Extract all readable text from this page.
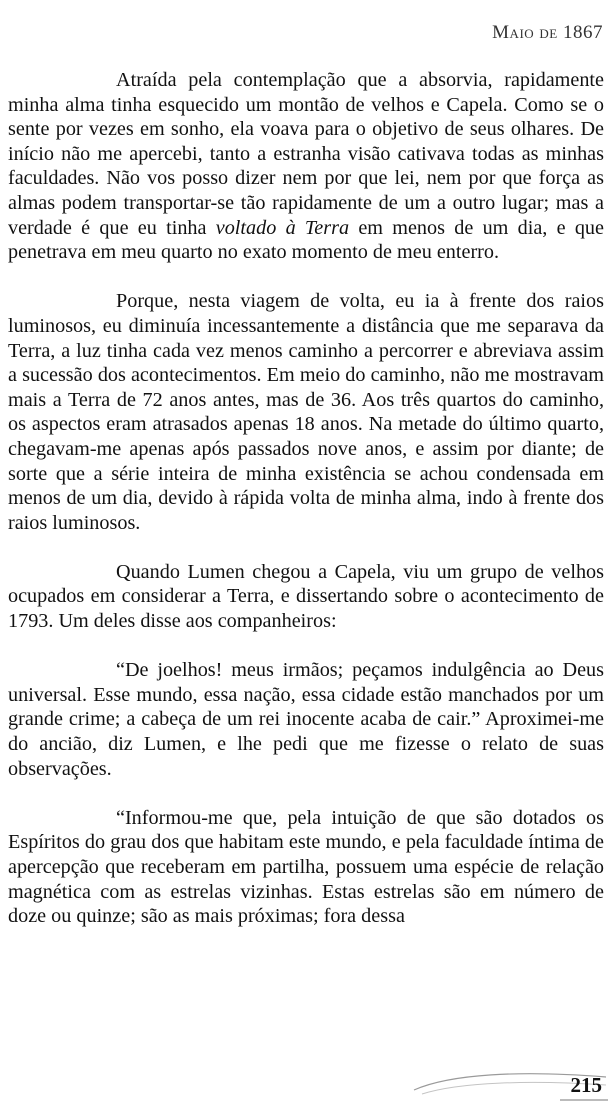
Maio de 1867

Atraída pela contemplação que a absorvia, rapidamente minha alma tinha esquecido um montão de velhos e Capela. Como se o sente por vezes em sonho, ela voava para o objetivo de seus olhares. De início não me apercebi, tanto a estranha visão cativava todas as minhas faculdades. Não vos posso dizer nem por que lei, nem por que força as almas podem transportar-se tão rapidamente de um a outro lugar; mas a verdade é que eu tinha voltado à Terra em menos de um dia, e que penetrava em meu quarto no exato momento de meu enterro.

Porque, nesta viagem de volta, eu ia à frente dos raios luminosos, eu diminuía incessantemente a distância que me separava da Terra, a luz tinha cada vez menos caminho a percorrer e abreviava assim a sucessão dos acontecimentos. Em meio do caminho, não me mostravam mais a Terra de 72 anos antes, mas de 36. Aos três quartos do caminho, os aspectos eram atrasados apenas 18 anos. Na metade do último quarto, chegavam-me apenas após passados nove anos, e assim por diante; de sorte que a série inteira de minha existência se achou condensada em menos de um dia, devido à rápida volta de minha alma, indo à frente dos raios luminosos.

Quando Lumen chegou a Capela, viu um grupo de velhos ocupados em considerar a Terra, e dissertando sobre o acontecimento de 1793. Um deles disse aos companheiros:

“De joelhos! meus irmãos; peçamos indulgência ao Deus universal. Esse mundo, essa nação, essa cidade estão manchados por um grande crime; a cabeça de um rei inocente acaba de cair.” Aproximei-me do ancião, diz Lumen, e lhe pedi que me fizesse o relato de suas observações.

“Informou-me que, pela intuição de que são dotados os Espíritos do grau dos que habitam este mundo, e pela faculdade íntima de apercepção que receberam em partilha, possuem uma espécie de relação magnética com as estrelas vizinhas. Estas estrelas são em número de doze ou quinze; são as mais próximas; fora dessa

215
